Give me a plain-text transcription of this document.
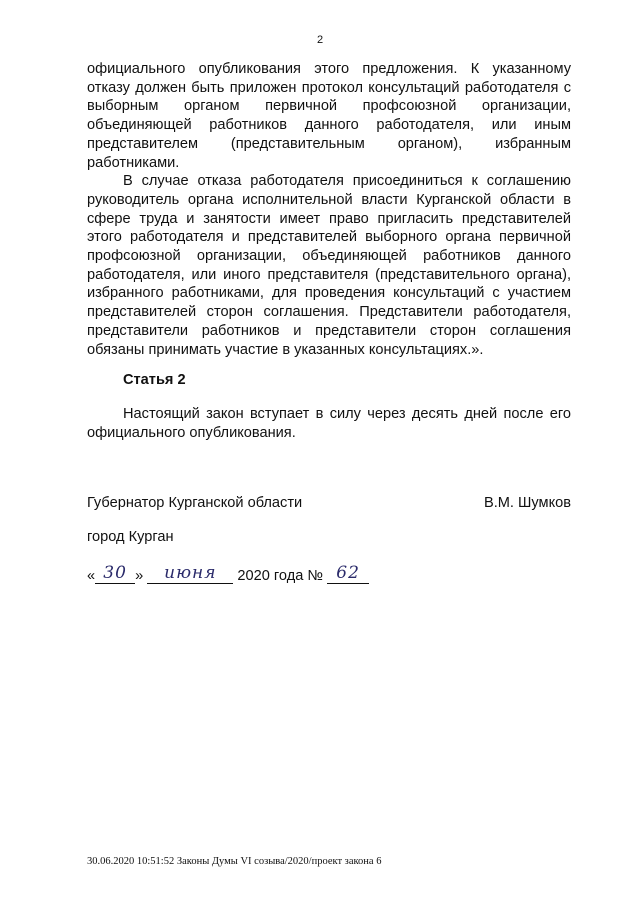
2

официального опубликования этого предложения. К указанному отказу должен быть приложен протокол консультаций работодателя с выборным органом первичной профсоюзной организации, объединяющей работников данного работодателя, или иным представителем (представительным органом), избранным работниками.

В случае отказа работодателя присоединиться к соглашению руководитель органа исполнительной власти Курганской области в сфере труда и занятости имеет право пригласить представителей этого работодателя и представителей выборного органа первичной профсоюзной организации, объединяющей работников данного работодателя, или иного представителя (представительного органа), избранного работниками, для проведения консультаций с участием представителей сторон соглашения. Представители работодателя, представители работников и представители сторон соглашения обязаны принимать участие в указанных консультациях.».

Статья 2

Настоящий закон вступает в силу через десять дней после его официального опубликования.

Губернатор Курганской области	В.М. Шумков
город Курган
« 30 » июня 2020 года № 62
30.06.2020 10:51:52 Законы Думы VI созыва/2020/проект закона 6
